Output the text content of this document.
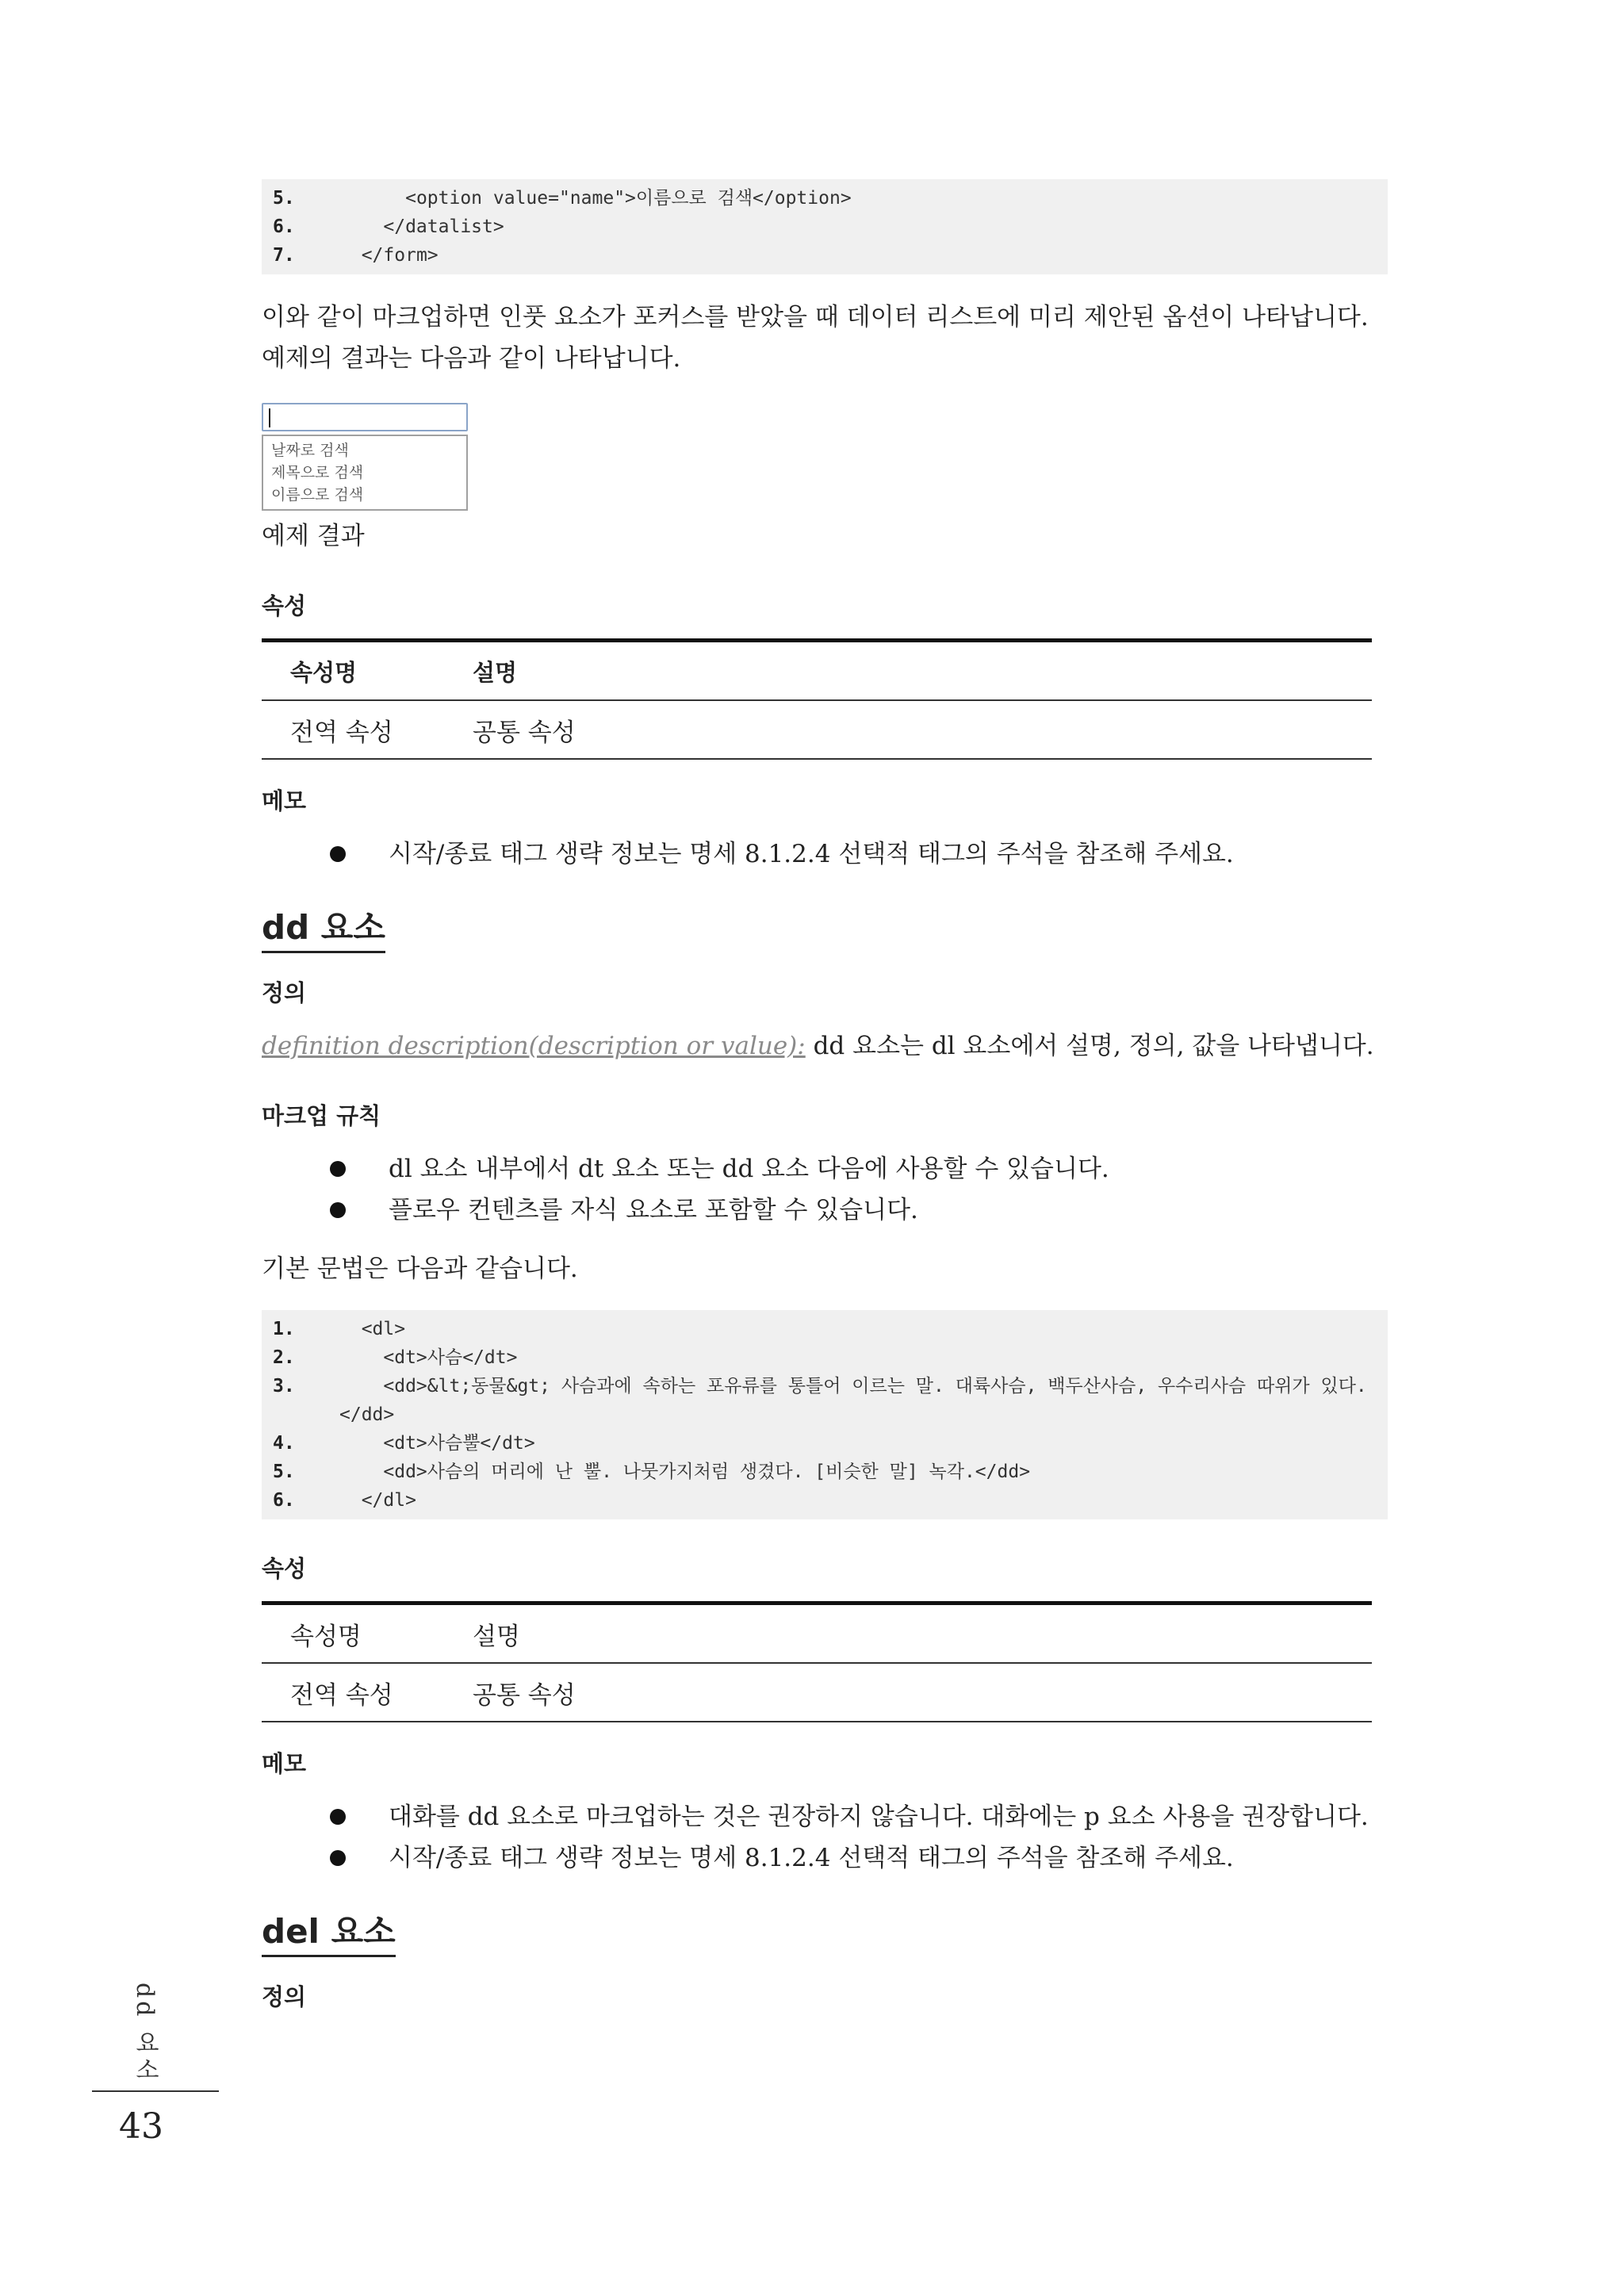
5.	<option value="name">이름으로 검색</option>
6.	</datalist>
7.	</form>

이와 같이 마크업하면 인풋 요소가 포커스를 받았을 때 데이터 리스트에 미리 제안된 옵션이 나타납니다. 예제의 결과는 다음과 같이 나타납니다.

날짜로 검색
제목으로 검색
이름으로 검색

예제 결과

속성
속성명	설명
전역 속성	공통 속성
메모
시작/종료 태그 생략 정보는 명세 8.1.2.4 선택적 태그의 주석을 참조해 주세요.
dd 요소
정의

definition description(description or value): dd 요소는 dl 요소에서 설명, 정의, 값을 나타냅니다.

마크업 규칙
dl 요소 내부에서 dt 요소 또는 dd 요소 다음에 사용할 수 있습니다.
플로우 컨텐츠를 자식 요소로 포함할 수 있습니다.

기본 문법은 다음과 같습니다.

1.	<dl>
2.	<dt>사슴</dt>
3.	<dd>&lt;동물&gt; 사슴과에 속하는 포유류를 통틀어 이르는 말. 대륙사슴, 백두산사슴, 우수리사슴 따위가 있다.</dd>
4.	<dt>사슴뿔</dt>
5.	<dd>사슴의 머리에 난 뿔. 나뭇가지처럼 생겼다. [비슷한 말] 녹각.</dd>
6.	</dl>
속성
속성명	설명
전역 속성	공통 속성
메모
대화를 dd 요소로 마크업하는 것은 권장하지 않습니다. 대화에는 p 요소 사용을 권장합니다.
시작/종료 태그 생략 정보는 명세 8.1.2.4 선택적 태그의 주석을 참조해 주세요.
del 요소
정의
dd 요소
43
